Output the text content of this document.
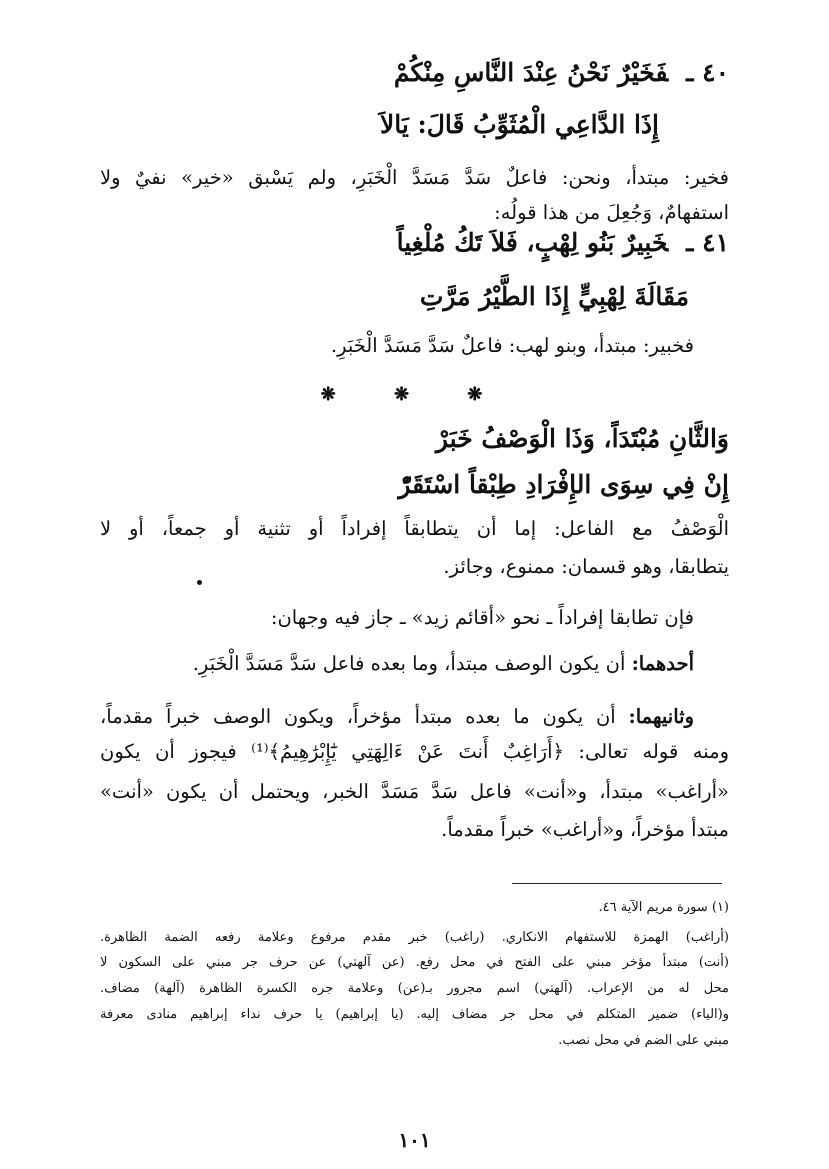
٤٠ ـفَخَيْرٌ نَحْنُ عِنْدَ النَّاسِ مِنْكُمْ
إِذَا الدَّاعِي الْمُثَوِّبُ قَالَ: يَالاَ
فخير: مبتدأ، ونحن: فاعلٌ سَدَّ مَسَدَّ الْخَبَرِ، ولم يَسْبق «خير» نفيٌ ولا
استفهامٌ، وَجُعِلَ من هذا قولُه:
٤١ ـخَبِيرٌ بَنُو لِهْبٍ، فَلاَ تَكُ مُلْغِياً
مَقَالَةَ لِهْبِيٍّ إِذَا الطَّيْرُ مَرَّتِ
فخبير: مبتدأ، وبنو لهب: فاعلٌ سَدَّ مَسَدَّ الْخَبَرِ.
❋ ❋ ❋
وَالثَّانِ مُبْتَدَاً، وَذَا الْوَصْفُ خَبَرْ
إِنْ فِي سِوَى الإِفْرَادِ طِبْقاً اسْتَقَرّْ
الْوَصْفُ مع الفاعل: إما أن يتطابقاً إفراداً أو تثنية أو جمعاً، أو لا
يتطابقا، وهو قسمان: ممنوع، وجائز.
فإن تطابقا إفراداً ـ نحو «أقائم زيد» ـ جاز فيه وجهان:
أحدهما: أن يكون الوصف مبتدأ، وما بعده فاعل سَدَّ مَسَدَّ الْخَبَرِ.
وثانيهما: أن يكون ما بعده مبتدأ مؤخراً، ويكون الوصف خبراً مقدماً،
ومنه قوله تعالى: ﴿أَرَاغِبٌ أَنتَ عَنْ ءَالِهَتِي يَٰٓإِبْرَٰهِيمُ﴾⁽¹⁾ فيجوز أن يكون
«أراغب» مبتدأ، و«أنت» فاعل سَدَّ مَسَدَّ الخبر، ويحتمل أن يكون «أنت»
مبتدأ مؤخراً، و«أراغب» خبراً مقدماً.
(١) سورة مريم الآية ٤٦.
(أراغب) الهمزة للاستفهام الانكاري. (راغب) خبر مقدم مرفوع وعلامة رفعه الضمة الظاهرة.
(أنت) مبتدأ مؤخر مبني على الفتح في محل رفع. (عن آلهتي) عن حرف جر مبني على السكون لا
محل له من الإعراب. (آلهتي) اسم مجرور بـ(عن) وعلامة جره الكسرة الظاهرة (آلهة) مضاف.
و(الياء) ضمير المتكلم في محل جر مضاف إليه. (يا إبراهيم) يا حرف نداء إبراهيم منادى معرفة
مبني على الضم في محل نصب.
١٠١
